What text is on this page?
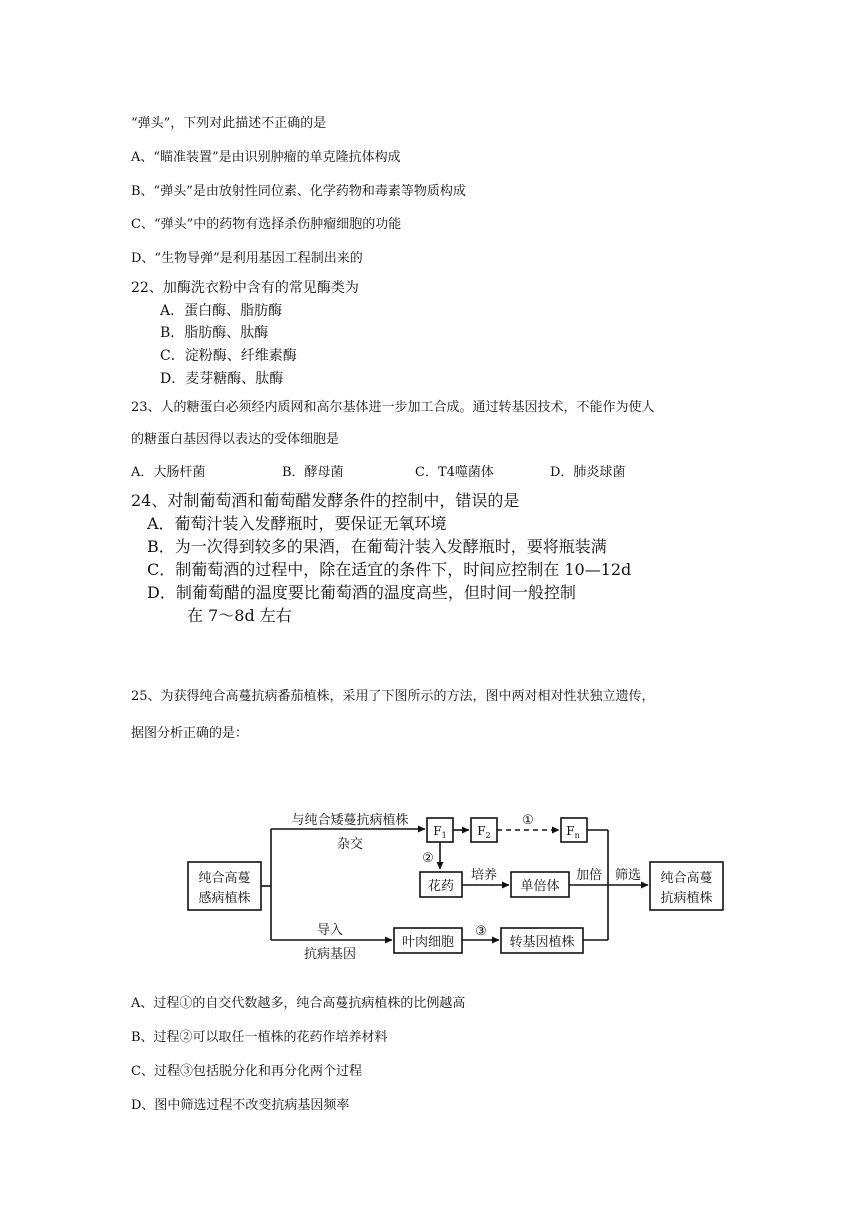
“弹头”，下列对此描述不正确的是
A、“瞄准装置”是由识别肿瘤的单克隆抗体构成
B、“弹头”是由放射性同位素、化学药物和毒素等物质构成
C、“弹头”中的药物有选择杀伤肿瘤细胞的功能
D、“生物导弹”是利用基因工程制出来的
22、加酶洗衣粉中含有的常见酶类为
A．蛋白酶、脂肪酶
B．脂肪酶、肽酶
C．淀粉酶、纤维素酶
D．麦芽糖酶、肽酶
23、人的糖蛋白必须经内质网和高尔基体进一步加工合成。通过转基因技术，不能作为使人
的糖蛋白基因得以表达的受体细胞是
A．大肠杆菌	B．酵母菌	C．T4噬菌体	D．肺炎球菌
24、对制葡萄酒和葡萄醋发酵条件的控制中，错误的是
A．葡萄汁装入发酵瓶时，要保证无氧环境
B．为一次得到较多的果酒，在葡萄汁装入发酵瓶时，要将瓶装满
C．制葡萄酒的过程中，除在适宜的条件下，时间应控制在 10—12d
D．制葡萄醋的温度要比葡萄酒的温度高些，但时间一般控制
在 7～8d 左右
25、为获得纯合高蔓抗病番茄植株，采用了下图所示的方法，图中两对相对性状独立遗传，
据图分析正确的是：
纯合高蔓
感病植株
与纯合矮蔓抗病植株
杂交
$F_1$	$F_2$
①
$F_n$
②
花药
培养
单倍体
加倍 筛选 纯合高蔓
抗病植株
导入
抗病基因
叶肉细胞
③
转基因植株
A、过程①的自交代数越多，纯合高蔓抗病植株的比例越高
B、过程②可以取任一植株的花药作培养材料
C、过程③包括脱分化和再分化两个过程
D、图中筛选过程不改变抗病基因频率
